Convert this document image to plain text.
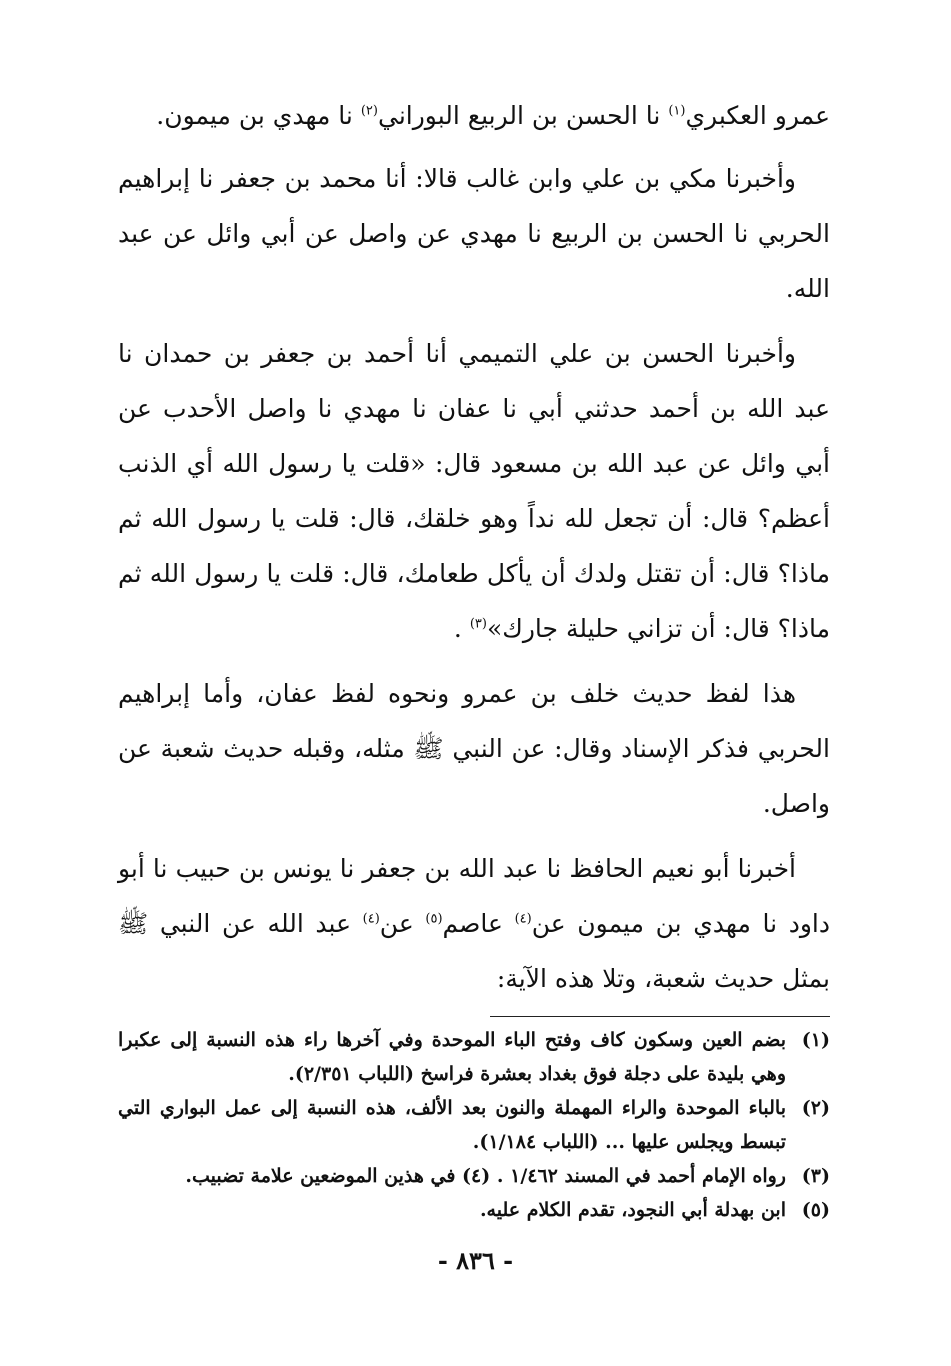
عمرو العكبري$^{(١)}$ نا الحسن بن الربيع البوراني$^{(٢)}$ نا مهدي بن ميمون.

وأخبرنا مكي بن علي وابن غالب قالا: أنا محمد بن جعفر نا إبراهيم الحربي نا الحسن بن الربيع نا مهدي عن واصل عن أبي وائل عن عبد الله.

وأخبرنا الحسن بن علي التميمي أنا أحمد بن جعفر بن حمدان نا عبد الله بن أحمد حدثني أبي نا عفان نا مهدي نا واصل الأحدب عن أبي وائل عن عبد الله بن مسعود قال: «قلت يا رسول الله أي الذنب أعظم؟ قال: أن تجعل لله نداً وهو خلقك، قال: قلت يا رسول الله ثم ماذا؟ قال: أن تقتل ولدك أن يأكل طعامك، قال: قلت يا رسول الله ثم ماذا؟ قال: أن تزاني حليلة جارك»$^{(٣)}$ .

هذا لفظ حديث خلف بن عمرو ونحوه لفظ عفان، وأما إبراهيم الحربي فذكر الإسناد وقال: عن النبي ﷺ مثله، وقبله حديث شعبة عن واصل.

أخبرنا أبو نعيم الحافظ نا عبد الله بن جعفر نا يونس بن حبيب نا أبو داود نا مهدي بن ميمون عن$^{(٤)}$ عاصم$^{(٥)}$ عن$^{(٤)}$ عبد الله عن النبي ﷺ بمثل حديث شعبة، وتلا هذه الآية:

(١)
بضم العين وسكون كاف وفتح الباء الموحدة وفي آخرها راء هذه النسبة إلى عكبرا وهي بليدة على دجلة فوق بغداد بعشرة فراسخ (اللباب ٢/٣٥١).
(٢)
بالباء الموحدة والراء المهملة والنون بعد الألف، هذه النسبة إلى عمل البواري التي تبسط ويجلس عليها ... (اللباب ١/١٨٤).
(٣)
رواه الإمام أحمد في المسند ١/٤٦٢ . (٤) في هذين الموضعين علامة تضبيب.
(٥)
ابن بهدلة أبي النجود، تقدم الكلام عليه.
- ٨٣٦ -
